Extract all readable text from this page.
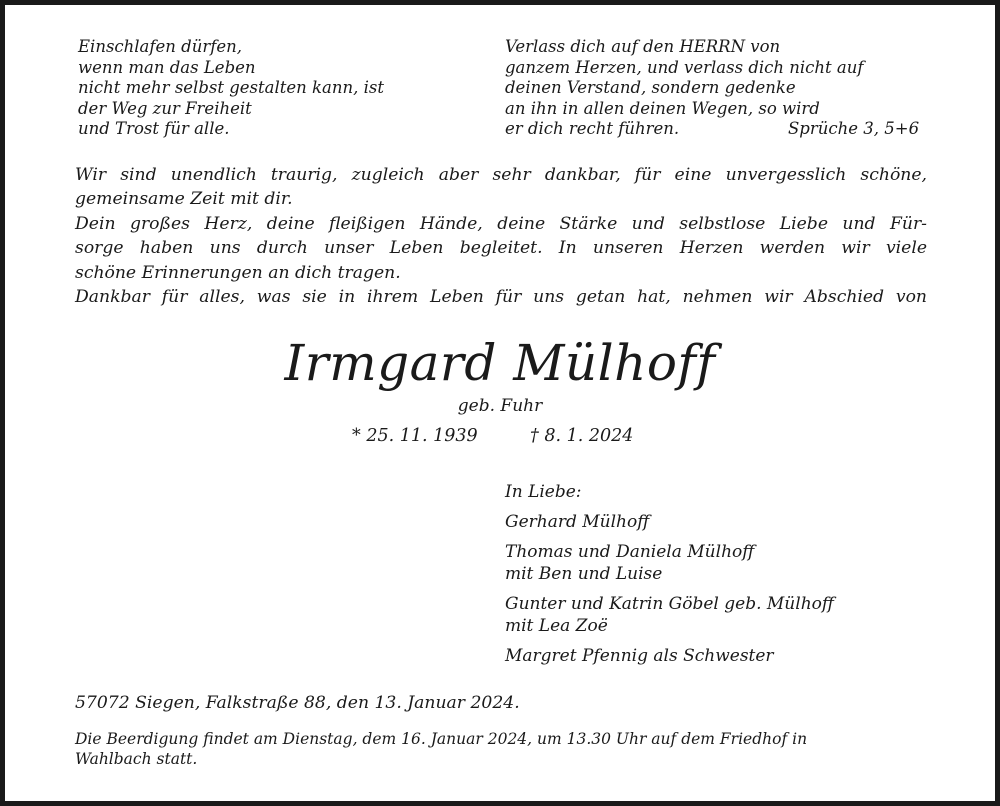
Einschlafen dürfen,
wenn man das Leben
nicht mehr selbst gestalten kann, ist
der Weg zur Freiheit
und Trost für alle.
Verlass dich auf den HERRN von
ganzem Herzen, und verlass dich nicht auf
deinen Verstand, sondern gedenke
an ihn in allen deinen Wegen, so wird
er dich recht führen.	Sprüche 3, 5+6
Wir sind unendlich traurig, zugleich aber sehr dankbar, für eine unvergesslich schöne,
gemeinsame Zeit mit dir.
Dein großes Herz, deine fleißigen Hände, deine Stärke und selbstlose Liebe und Für-
sorge haben uns durch unser Leben begleitet. In unseren Herzen werden wir viele
schöne Erinnerungen an dich tragen.
Dankbar für alles, was sie in ihrem Leben für uns getan hat, nehmen wir Abschied von
Irmgard Mülhoff
geb. Fuhr
* 25. 11. 1939	† 8. 1. 2024
In Liebe:
Gerhard Mülhoff
Thomas und Daniela Mülhoff
mit Ben und Luise
Gunter und Katrin Göbel geb. Mülhoff
mit Lea Zoë
Margret Pfennig als Schwester
57072 Siegen, Falkstraße 88, den 13. Januar 2024.
Die Beerdigung findet am Dienstag, dem 16. Januar 2024, um 13.30 Uhr auf dem Friedhof in
Wahlbach statt.
